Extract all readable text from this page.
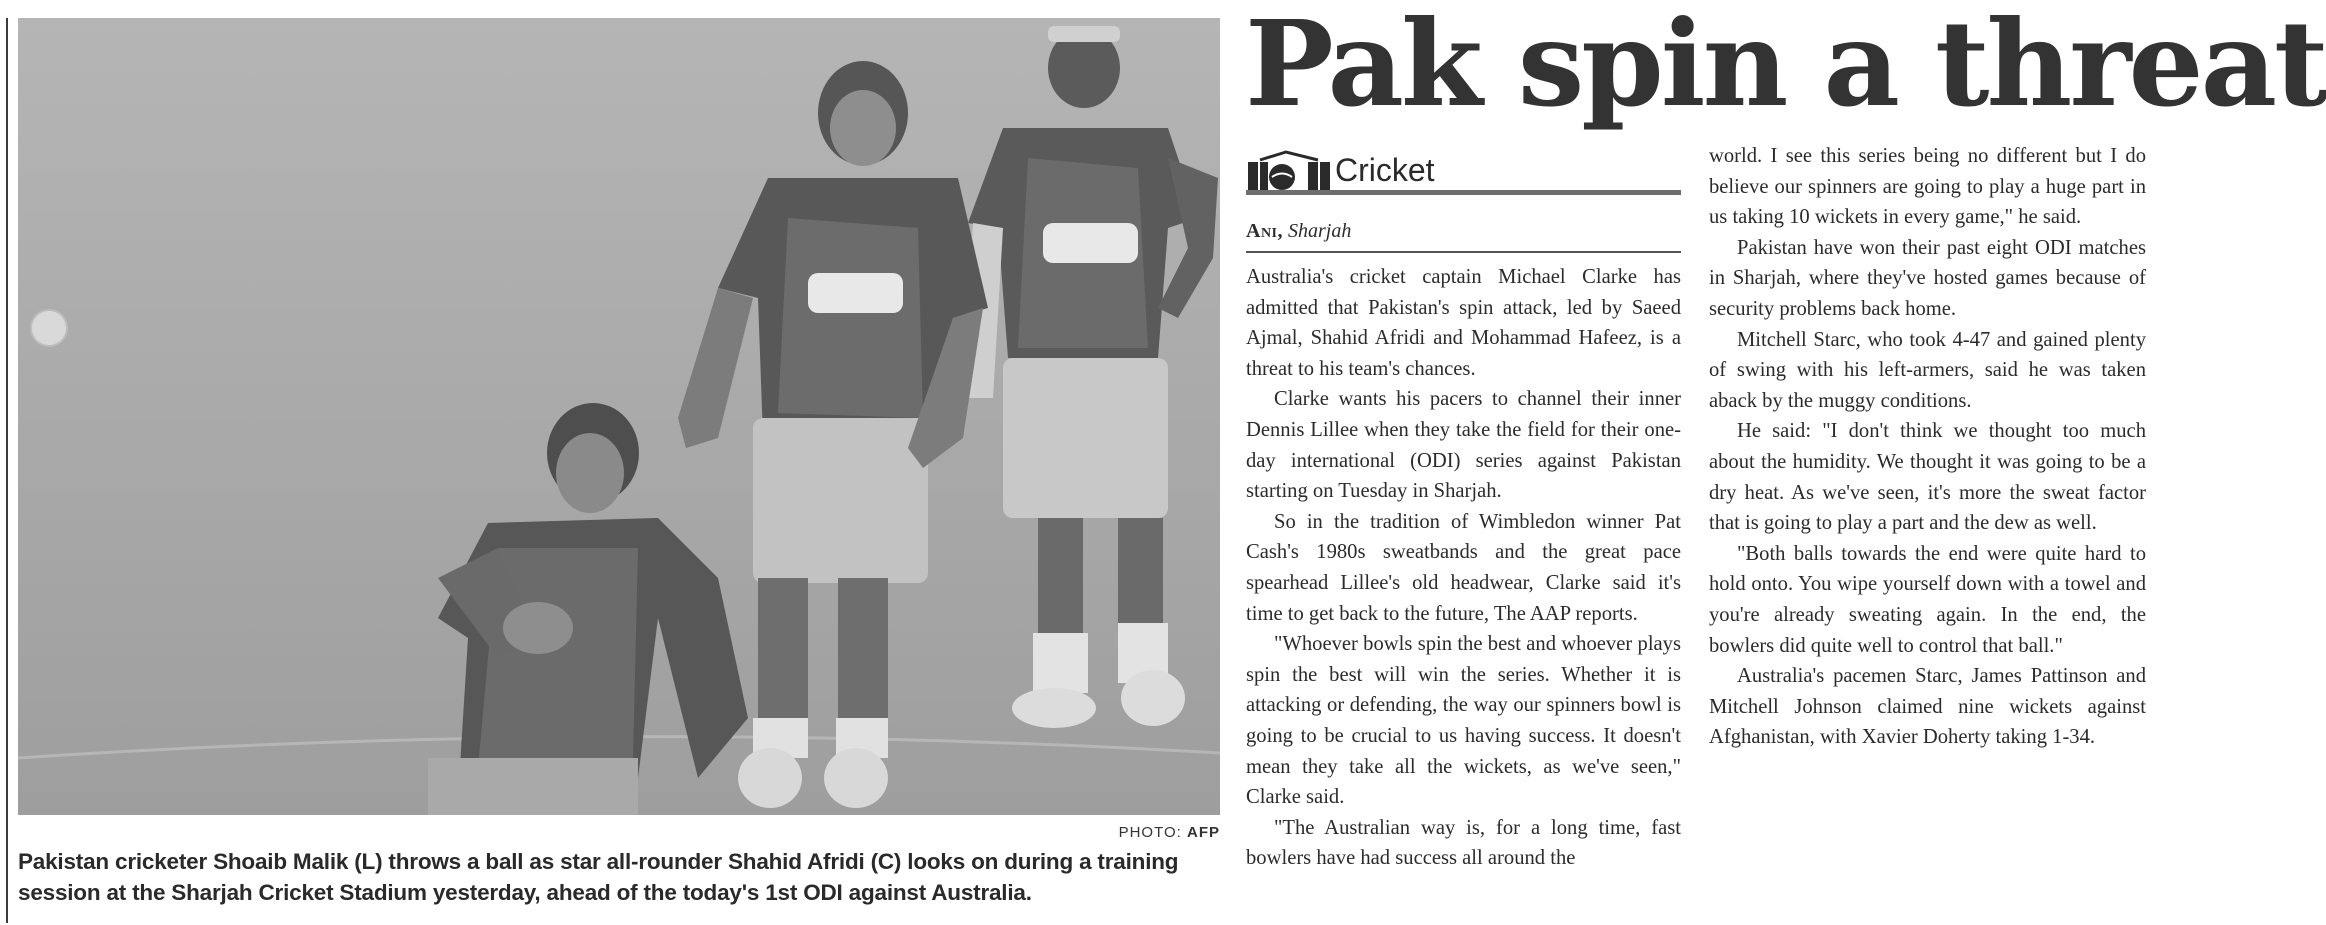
PHOTO: AFP
Pakistan cricketer Shoaib Malik (L) throws a ball as star all-rounder Shahid Afridi (C) looks on during a training session at the Sharjah Cricket Stadium yesterday, ahead of the today's 1st ODI against Australia.
Pak spin a threat
Cricket
Ani, Sharjah

Australia's cricket captain Michael Clarke has admitted that Pakistan's spin attack, led by Saeed Ajmal, Shahid Afridi and Mohammad Hafeez, is a threat to his team's chances.

Clarke wants his pacers to channel their inner Dennis Lillee when they take the field for their one-day international (ODI) series against Pakistan starting on Tuesday in Sharjah.

So in the tradition of Wimbledon winner Pat Cash's 1980s sweatbands and the great pace spearhead Lillee's old headwear, Clarke said it's time to get back to the future, The AAP reports.

"Whoever bowls spin the best and whoever plays spin the best will win the series. Whether it is attacking or defending, the way our spinners bowl is going to be crucial to us having success. It doesn't mean they take all the wickets, as we've seen," Clarke said.

"The Australian way is, for a long time, fast bowlers have had success all around the

world. I see this series being no different but I do believe our spinners are going to play a huge part in us taking 10 wickets in every game," he said.

Pakistan have won their past eight ODI matches in Sharjah, where they've hosted games because of security problems back home.

Mitchell Starc, who took 4-47 and gained plenty of swing with his left-armers, said he was taken aback by the muggy conditions.

He said: "I don't think we thought too much about the humidity. We thought it was going to be a dry heat. As we've seen, it's more the sweat factor that is going to play a part and the dew as well.

"Both balls towards the end were quite hard to hold onto. You wipe yourself down with a towel and you're already sweating again. In the end, the bowlers did quite well to control that ball."

Australia's pacemen Starc, James Pattinson and Mitchell Johnson claimed nine wickets against Afghanistan, with Xavier Doherty taking 1-34.
